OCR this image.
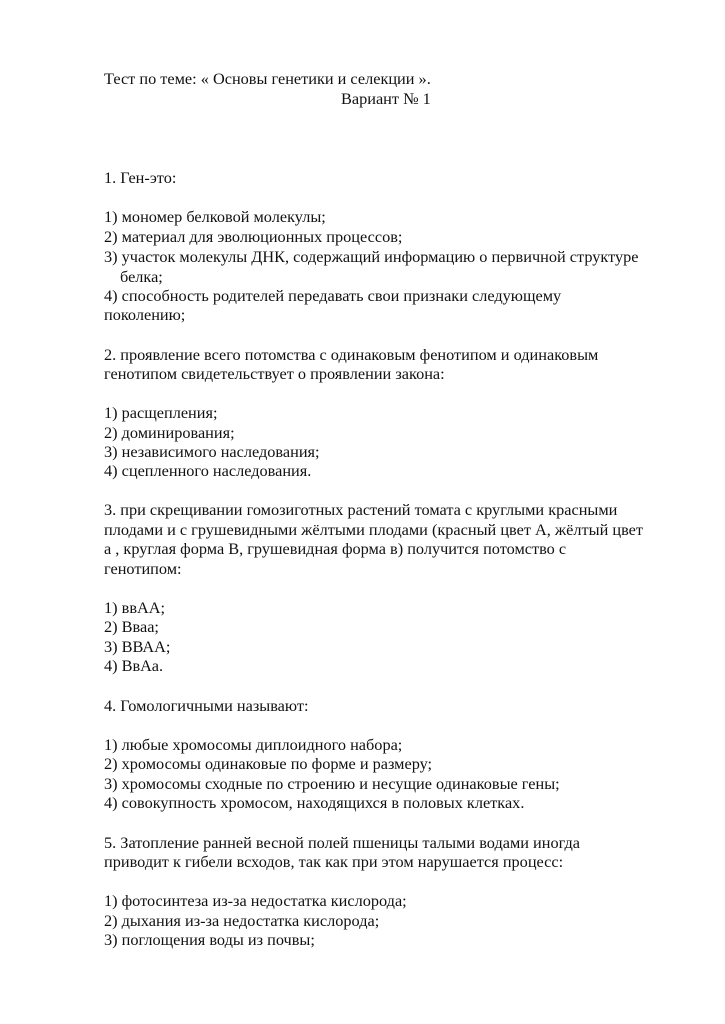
Тест по теме: « Основы генетики и селекции ».
Вариант № 1
1. Ген-это:
1) мономер белковой молекулы;
2) материал для эволюционных процессов;
3) участок молекулы ДНК, содержащий информацию о первичной структуре
белка;
4) способность родителей передавать свои признаки следующему
поколению;
2. проявление всего потомства с одинаковым фенотипом и одинаковым
генотипом свидетельствует о проявлении закона:
1) расщепления;
2) доминирования;
3) независимого наследования;
4) сцепленного наследования.
3. при скрещивании гомозиготных растений томата с круглыми красными
плодами и с грушевидными жёлтыми плодами (красный цвет А, жёлтый цвет
а , круглая форма В, грушевидная форма в) получится потомство с
генотипом:
1) ввАА;
2) Вваа;
3) ВВАА;
4) ВвАа.
4. Гомологичными называют:
1) любые хромосомы диплоидного набора;
2) хромосомы одинаковые по форме и размеру;
3) хромосомы сходные по строению и несущие одинаковые гены;
4) совокупность хромосом, находящихся в половых клетках.
5. Затопление ранней весной полей пшеницы талыми водами иногда
приводит к гибели всходов, так как при этом нарушается процесс:
1) фотосинтеза из-за недостатка кислорода;
2) дыхания из-за недостатка кислорода;
3) поглощения воды из почвы;
